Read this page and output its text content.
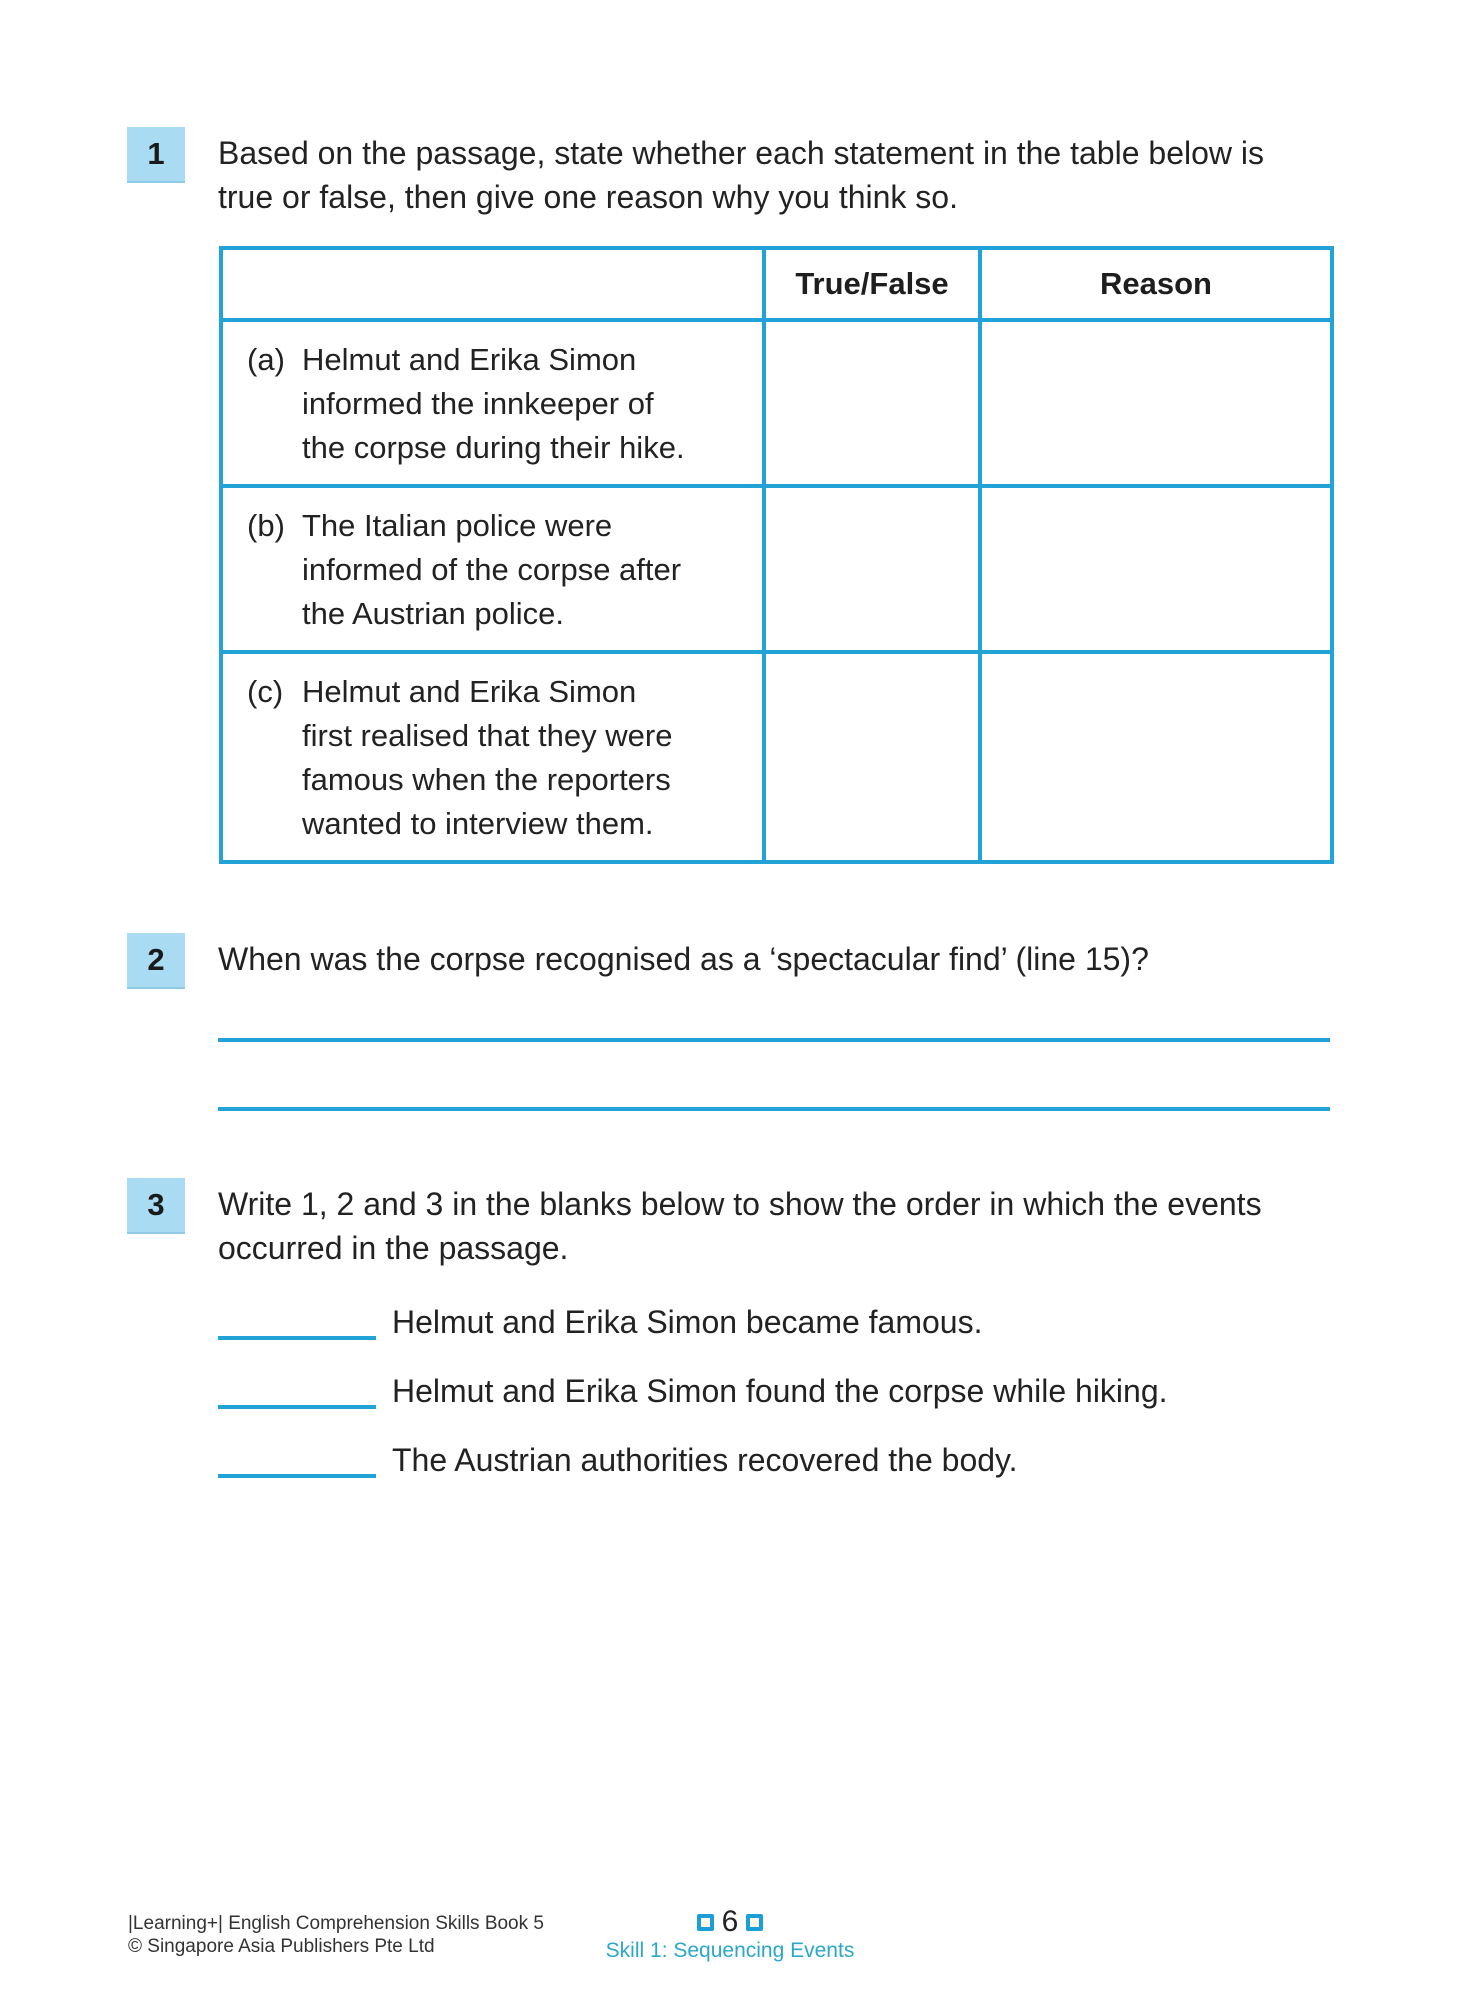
1 Based on the passage, state whether each statement in the table below is
true or false, then give one reason why you think so.
	True/False	Reason

(a) Helmut and Erika Simon
informed the innkeeper of
the corpse during their hike.		

(b) The Italian police were
informed of the corpse after
the Austrian police.		

(c) Helmut and Erika Simon
first realised that they were
famous when the reporters
wanted to interview them.		

2 When was the corpse recognised as a ‘spectacular find’ (line 15)?
3 Write 1, 2 and 3 in the blanks below to show the order in which the events
occurred in the passage.
Helmut and Erika Simon became famous.
Helmut and Erika Simon found the corpse while hiking.
The Austrian authorities recovered the body.
|Learning+| English Comprehension Skills Book 5
© Singapore Asia Publishers Pte Ltd
6
Skill 1: Sequencing Events
